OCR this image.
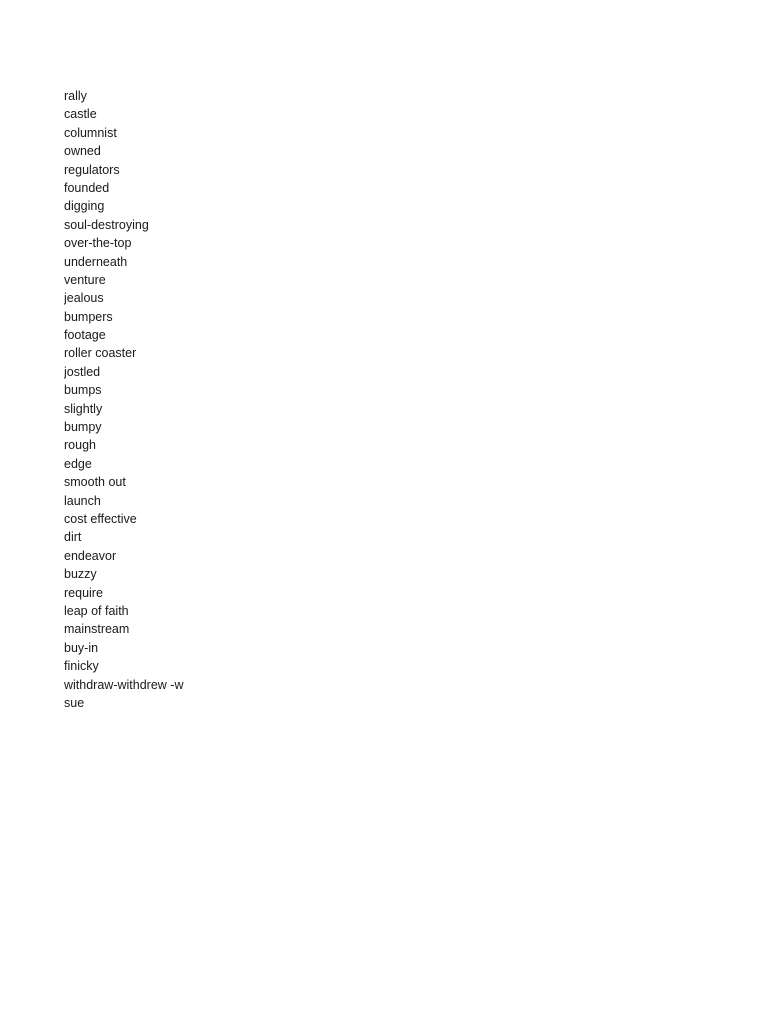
rally
castle
columnist
owned
regulators
founded
digging
soul-destroying
over-the-top
underneath
venture
jealous
bumpers
footage
roller coaster
jostled
bumps
slightly
bumpy
rough
edge
smooth out
launch
cost effective
dirt
endeavor
buzzy
require
leap of faith
mainstream
buy-in
finicky
withdraw-withdrew -w
sue
